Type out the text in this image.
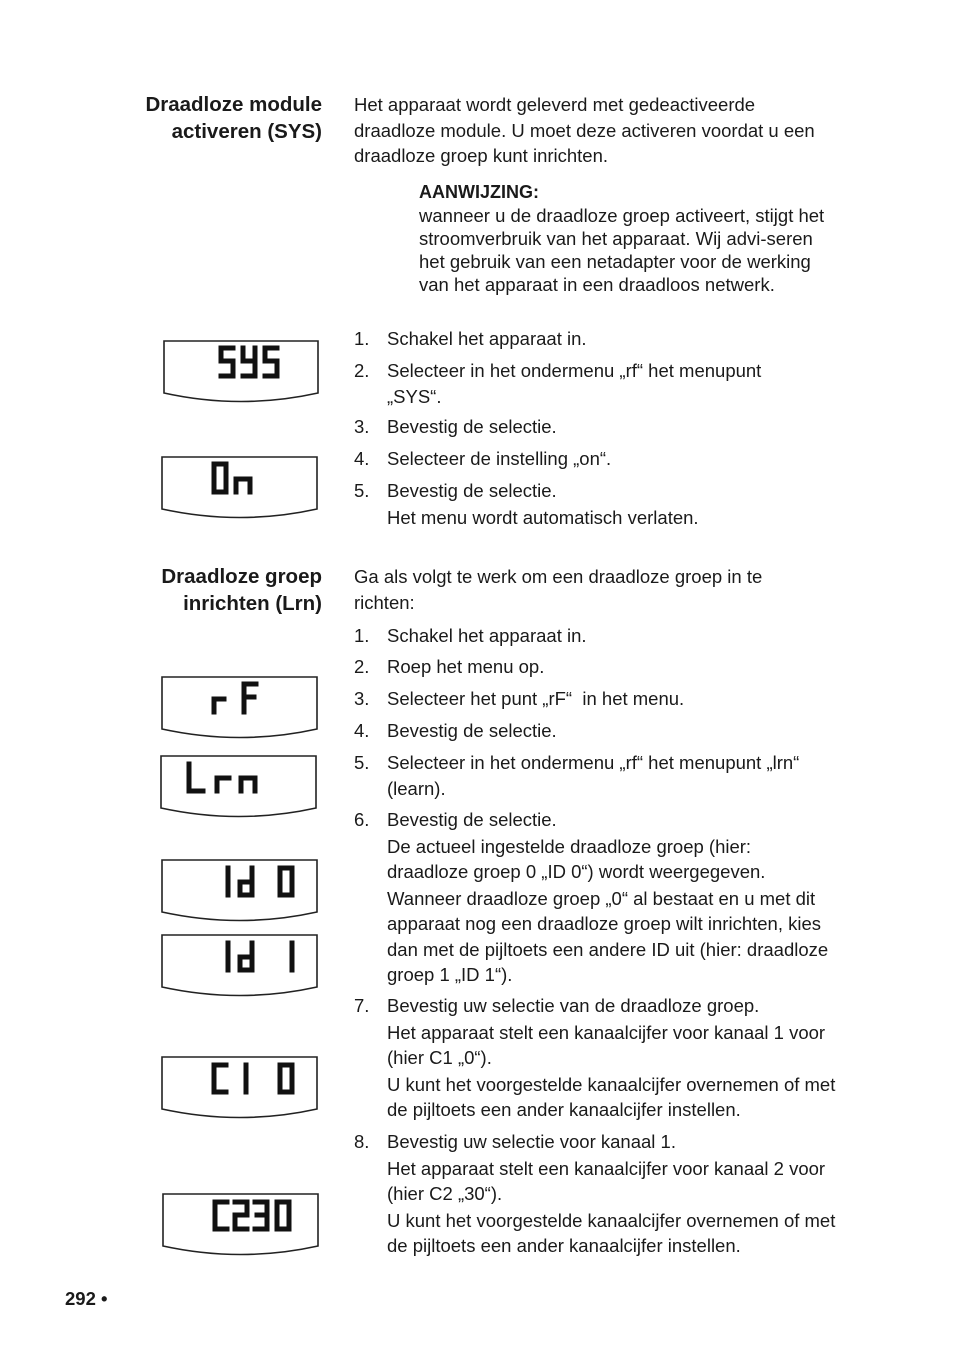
Draadloze module
activeren (SYS)
Het apparaat wordt geleverd met gedeactiveerde draadloze module. U moet deze activeren voordat u een draadloze groep kunt inrichten.
AANWIJZING:
wanneer u de draadloze groep activeert, stijgt het stroomverbruik van het apparaat. Wij advi-seren het gebruik van een netadapter voor de werking van het apparaat in een draadloos netwerk.
1. Schakel het apparaat in.
2. Selecteer in het ondermenu „rf“ het menupunt „SYS“.
3. Bevestig de selectie.
4. Selecteer de instelling „on“.
5. Bevestig de selectie.
Het menu wordt automatisch verlaten.
Draadloze groep
inrichten (Lrn)
Ga als volgt te werk om een draadloze groep in te richten:
1. Schakel het apparaat in.
2. Roep het menu op.
3. Selecteer het punt „rF“  in het menu.
4. Bevestig de selectie.
5. Selecteer in het ondermenu „rf“ het menupunt „lrn“ (learn).
6. Bevestig de selectie.
De actueel ingestelde draadloze groep (hier: draadloze groep 0 „ID 0“) wordt weergegeven.
Wanneer draadloze groep „0“ al bestaat en u met dit apparaat nog een draadloze groep wilt inrichten, kies dan met de pijltoets een andere ID uit (hier: draadloze groep 1 „ID 1“).
7. Bevestig uw selectie van de draadloze groep.
Het apparaat stelt een kanaalcijfer voor kanaal 1 voor (hier C1 „0“).
U kunt het voorgestelde kanaalcijfer overnemen of met de pijltoets een ander kanaalcijfer instellen.
8. Bevestig uw selectie voor kanaal 1.
Het apparaat stelt een kanaalcijfer voor kanaal 2 voor (hier C2 „30“).
U kunt het voorgestelde kanaalcijfer overnemen of met de pijltoets een ander kanaalcijfer instellen.
292 •
